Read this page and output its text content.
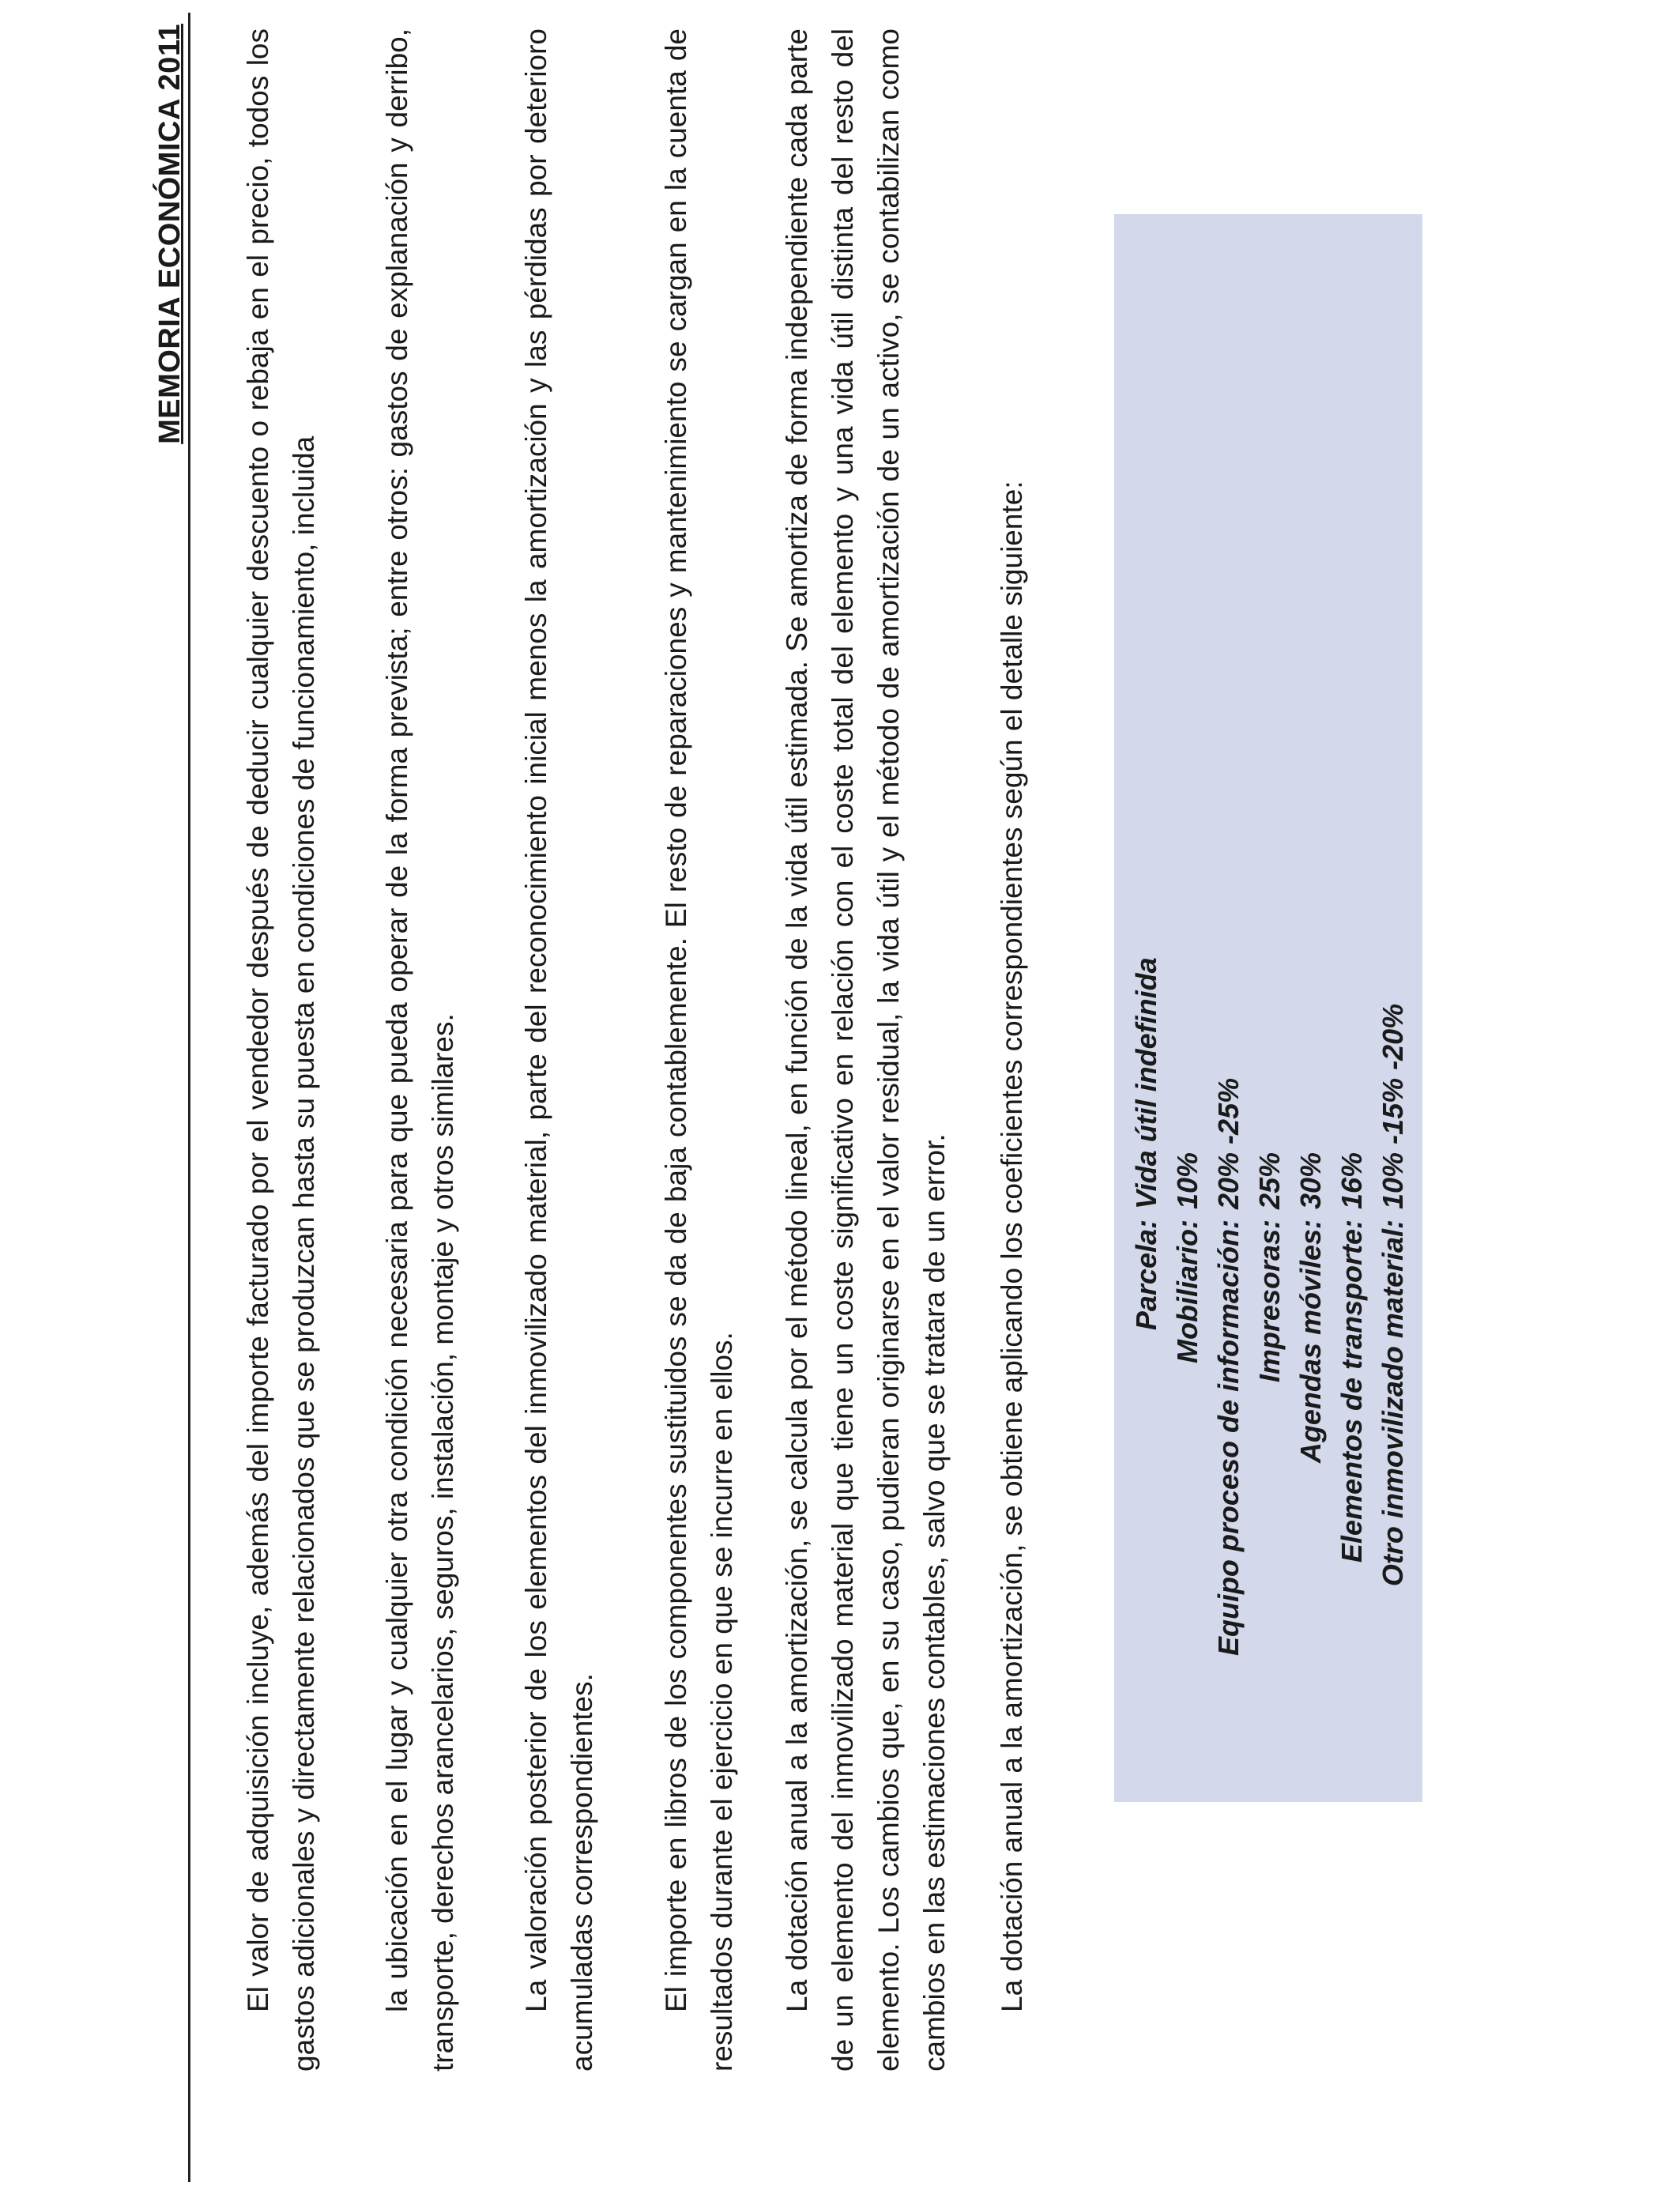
MEMORIA ECONÓMICA 2011 El valor de adquisición incluye, además del importe facturado por el vendedor después de deducir cualquier descuento o rebaja en el precio, todos los gastos adicionales y directamente relacionados que se produzcan hasta su puesta en condiciones de funcionamiento, incluida la ubicación en el lugar y cualquier otra condición necesaria para que pueda operar de la forma prevista; entre otros: gastos de explanación y derribo, transporte, derechos arancelarios, seguros, instalación, montaje y otros similares. La valoración posterior de los elementos del inmovilizado material, parte del reconocimiento inicial menos la amortización y las pérdidas por deterioro acumuladas correspondientes. El importe en libros de los componentes sustituidos se da de baja contablemente. El resto de reparaciones y mantenimiento se cargan en la cuenta de resultados durante el ejercicio en que se incurre en ellos. La dotación anual a la amortización, se calcula por el método lineal, en función de la vida útil estimada. Se amortiza de forma independiente cada parte de un elemento del inmovilizado material que tiene un coste significativo en relación con el coste total del elemento y una vida útil distinta del resto del elemento. Los cambios que, en su caso, pudieran originarse en el valor residual, la vida útil y el método de amortización de un activo, se contabilizan como cambios en las estimaciones contables, salvo que se tratara de un error. La dotación anual a la amortización, se obtiene aplicando los coeficientes correspondientes según el detalle siguiente:	Parcela:
Vida útil indefinida
Mobiliario:
10%
Equipo proceso de información:
20% -25%
Impresoras:
25%
Agendas móviles:
30%
Elementos de transporte:
16%
Otro inmovilizado material:
10% -15% -20%
